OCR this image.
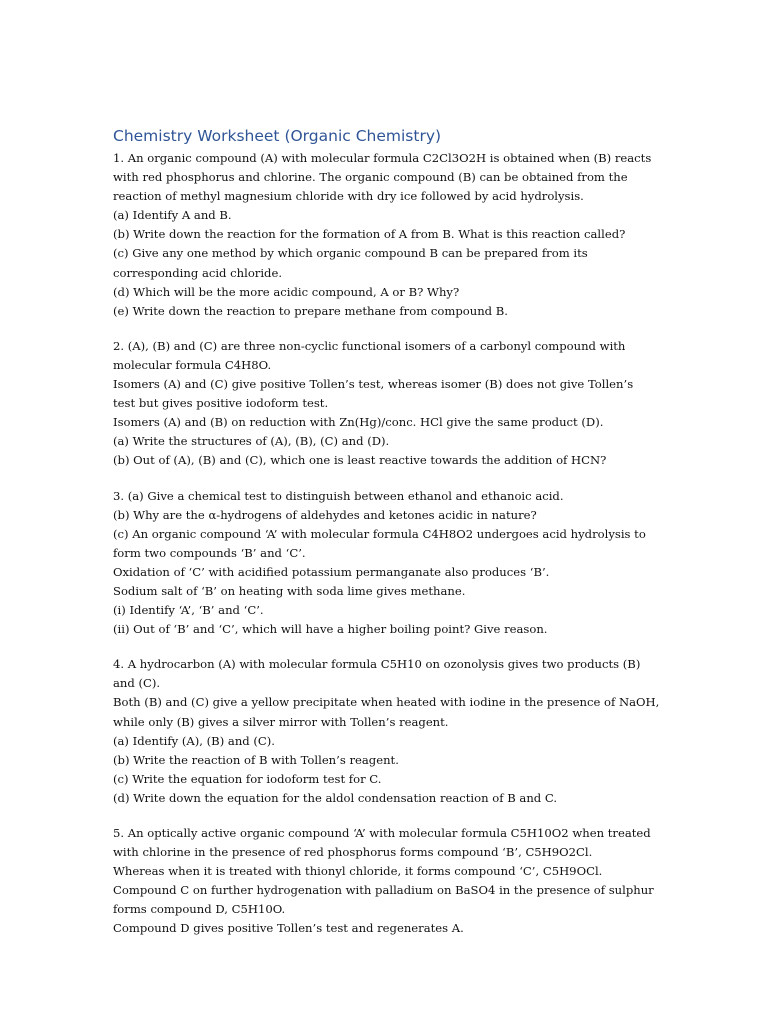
Chemistry Worksheet (Organic Chemistry)

1. An organic compound (A) with molecular formula C2Cl3O2H is obtained when (B) reacts

with red phosphorus and chlorine. The organic compound (B) can be obtained from the

reaction of methyl magnesium chloride with dry ice followed by acid hydrolysis.

(a) Identify A and B.

(b) Write down the reaction for the formation of A from B. What is this reaction called?

(c) Give any one method by which organic compound B can be prepared from its

corresponding acid chloride.

(d) Which will be the more acidic compound, A or B? Why?

(e) Write down the reaction to prepare methane from compound B.

2. (A), (B) and (C) are three non-cyclic functional isomers of a carbonyl compound with

molecular formula C4H8O.

Isomers (A) and (C) give positive Tollen’s test, whereas isomer (B) does not give Tollen’s

test but gives positive iodoform test.

Isomers (A) and (B) on reduction with Zn(Hg)/conc. HCl give the same product (D).

(a) Write the structures of (A), (B), (C) and (D).

(b) Out of (A), (B) and (C), which one is least reactive towards the addition of HCN?

3. (a) Give a chemical test to distinguish between ethanol and ethanoic acid.

(b) Why are the α-hydrogens of aldehydes and ketones acidic in nature?

(c) An organic compound ‘A’ with molecular formula C4H8O2 undergoes acid hydrolysis to

form two compounds ‘B’ and ‘C’.

Oxidation of ‘C’ with acidified potassium permanganate also produces ‘B’.

Sodium salt of ‘B’ on heating with soda lime gives methane.

(i) Identify ‘A’, ‘B’ and ‘C’.

(ii) Out of ‘B’ and ‘C’, which will have a higher boiling point? Give reason.

4. A hydrocarbon (A) with molecular formula C5H10 on ozonolysis gives two products (B)

and (C).

Both (B) and (C) give a yellow precipitate when heated with iodine in the presence of NaOH,

while only (B) gives a silver mirror with Tollen’s reagent.

(a) Identify (A), (B) and (C).

(b) Write the reaction of B with Tollen’s reagent.

(c) Write the equation for iodoform test for C.

(d) Write down the equation for the aldol condensation reaction of B and C.

5. An optically active organic compound ‘A’ with molecular formula C5H10O2 when treated

with chlorine in the presence of red phosphorus forms compound ‘B’, C5H9O2Cl.

Whereas when it is treated with thionyl chloride, it forms compound ‘C’, C5H9OCl.

Compound C on further hydrogenation with palladium on BaSO4 in the presence of sulphur

forms compound D, C5H10O.

Compound D gives positive Tollen’s test and regenerates A.
